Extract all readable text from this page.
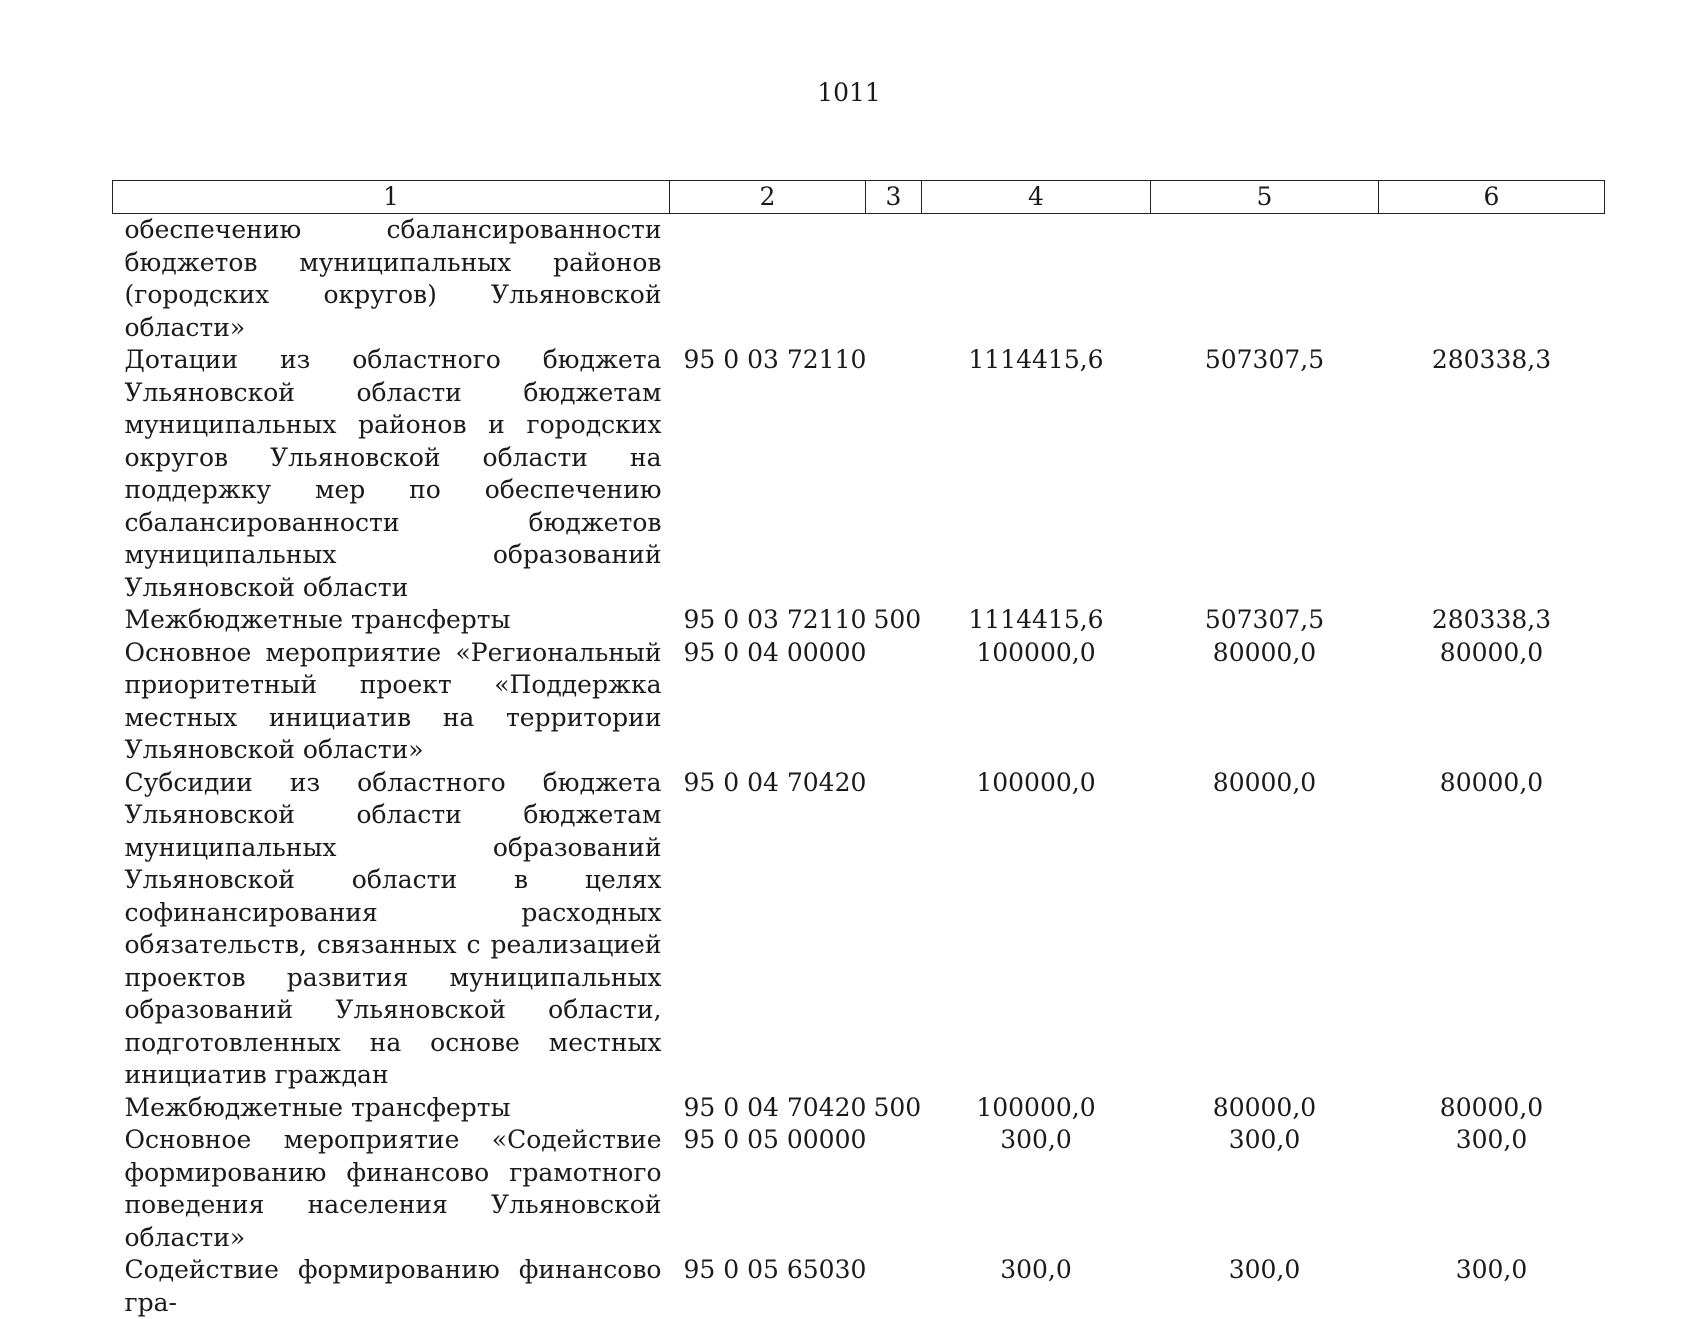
1011
1	2	3	4	5	6
обеспечению сбалансированности бюджетов муниципальных районов (городских округов) Ульяновской области»					
Дотации из областного бюджета Ульяновской области бюджетам муниципальных районов и городских округов Ульяновской области на поддержку мер по обеспечению сбалансированности бюджетов муниципальных образований Ульяновской области	95 0 03 72110		1114415,6	507307,5	280338,3
Межбюджетные трансферты	95 0 03 72110	500	1114415,6	507307,5	280338,3
Основное мероприятие «Региональный приоритетный проект «Поддержка местных инициатив на территории Ульяновской области»	95 0 04 00000		100000,0	80000,0	80000,0
Субсидии из областного бюджета Ульяновской области бюджетам муниципальных образований Ульяновской области в целях софинансирования расходных обязательств, связанных с реализацией проектов развития муниципальных образований Ульяновской области, подготовленных на основе местных инициатив граждан	95 0 04 70420		100000,0	80000,0	80000,0
Межбюджетные трансферты	95 0 04 70420	500	100000,0	80000,0	80000,0
Основное мероприятие «Содействие формированию финансово грамотного поведения населения Ульяновской области»	95 0 05 00000		300,0	300,0	300,0
Содействие формированию финансово гра-	95 0 05 65030		300,0	300,0	300,0
